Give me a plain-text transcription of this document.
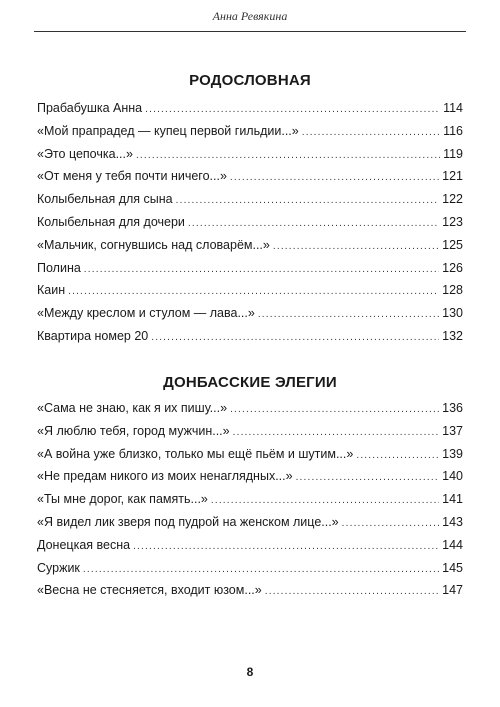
Анна Ревякина
РОДОСЛОВНАЯ
Прабабушка Анна .....	114
«Мой прапрадед — купец первой гильдии...» .....	116
«Это цепочка...» .....	119
«От меня у тебя почти ничего...» .....	121
Колыбельная для сына .....	122
Колыбельная для дочери .....	123
«Мальчик, согнувшись над словарём...» .....	125
Полина .....	126
Каин .....	128
«Между креслом и стулом — лава...» .....	130
Квартира номер 20 .....	132
ДОНБАССКИЕ ЭЛЕГИИ
«Сама не знаю, как я их пишу...» .....	136
«Я люблю тебя, город мужчин...» .....	137
«А война уже близко, только мы ещё пьём и шутим...» .....	139
«Не предам никого из моих ненаглядных...» .....	140
«Ты мне дорог, как память...» .....	141
«Я видел лик зверя под пудрой на женском лице...» .....	143
Донецкая весна .....	144
Суржик .....	145
«Весна не стесняется, входит юзом...» .....	147
8
